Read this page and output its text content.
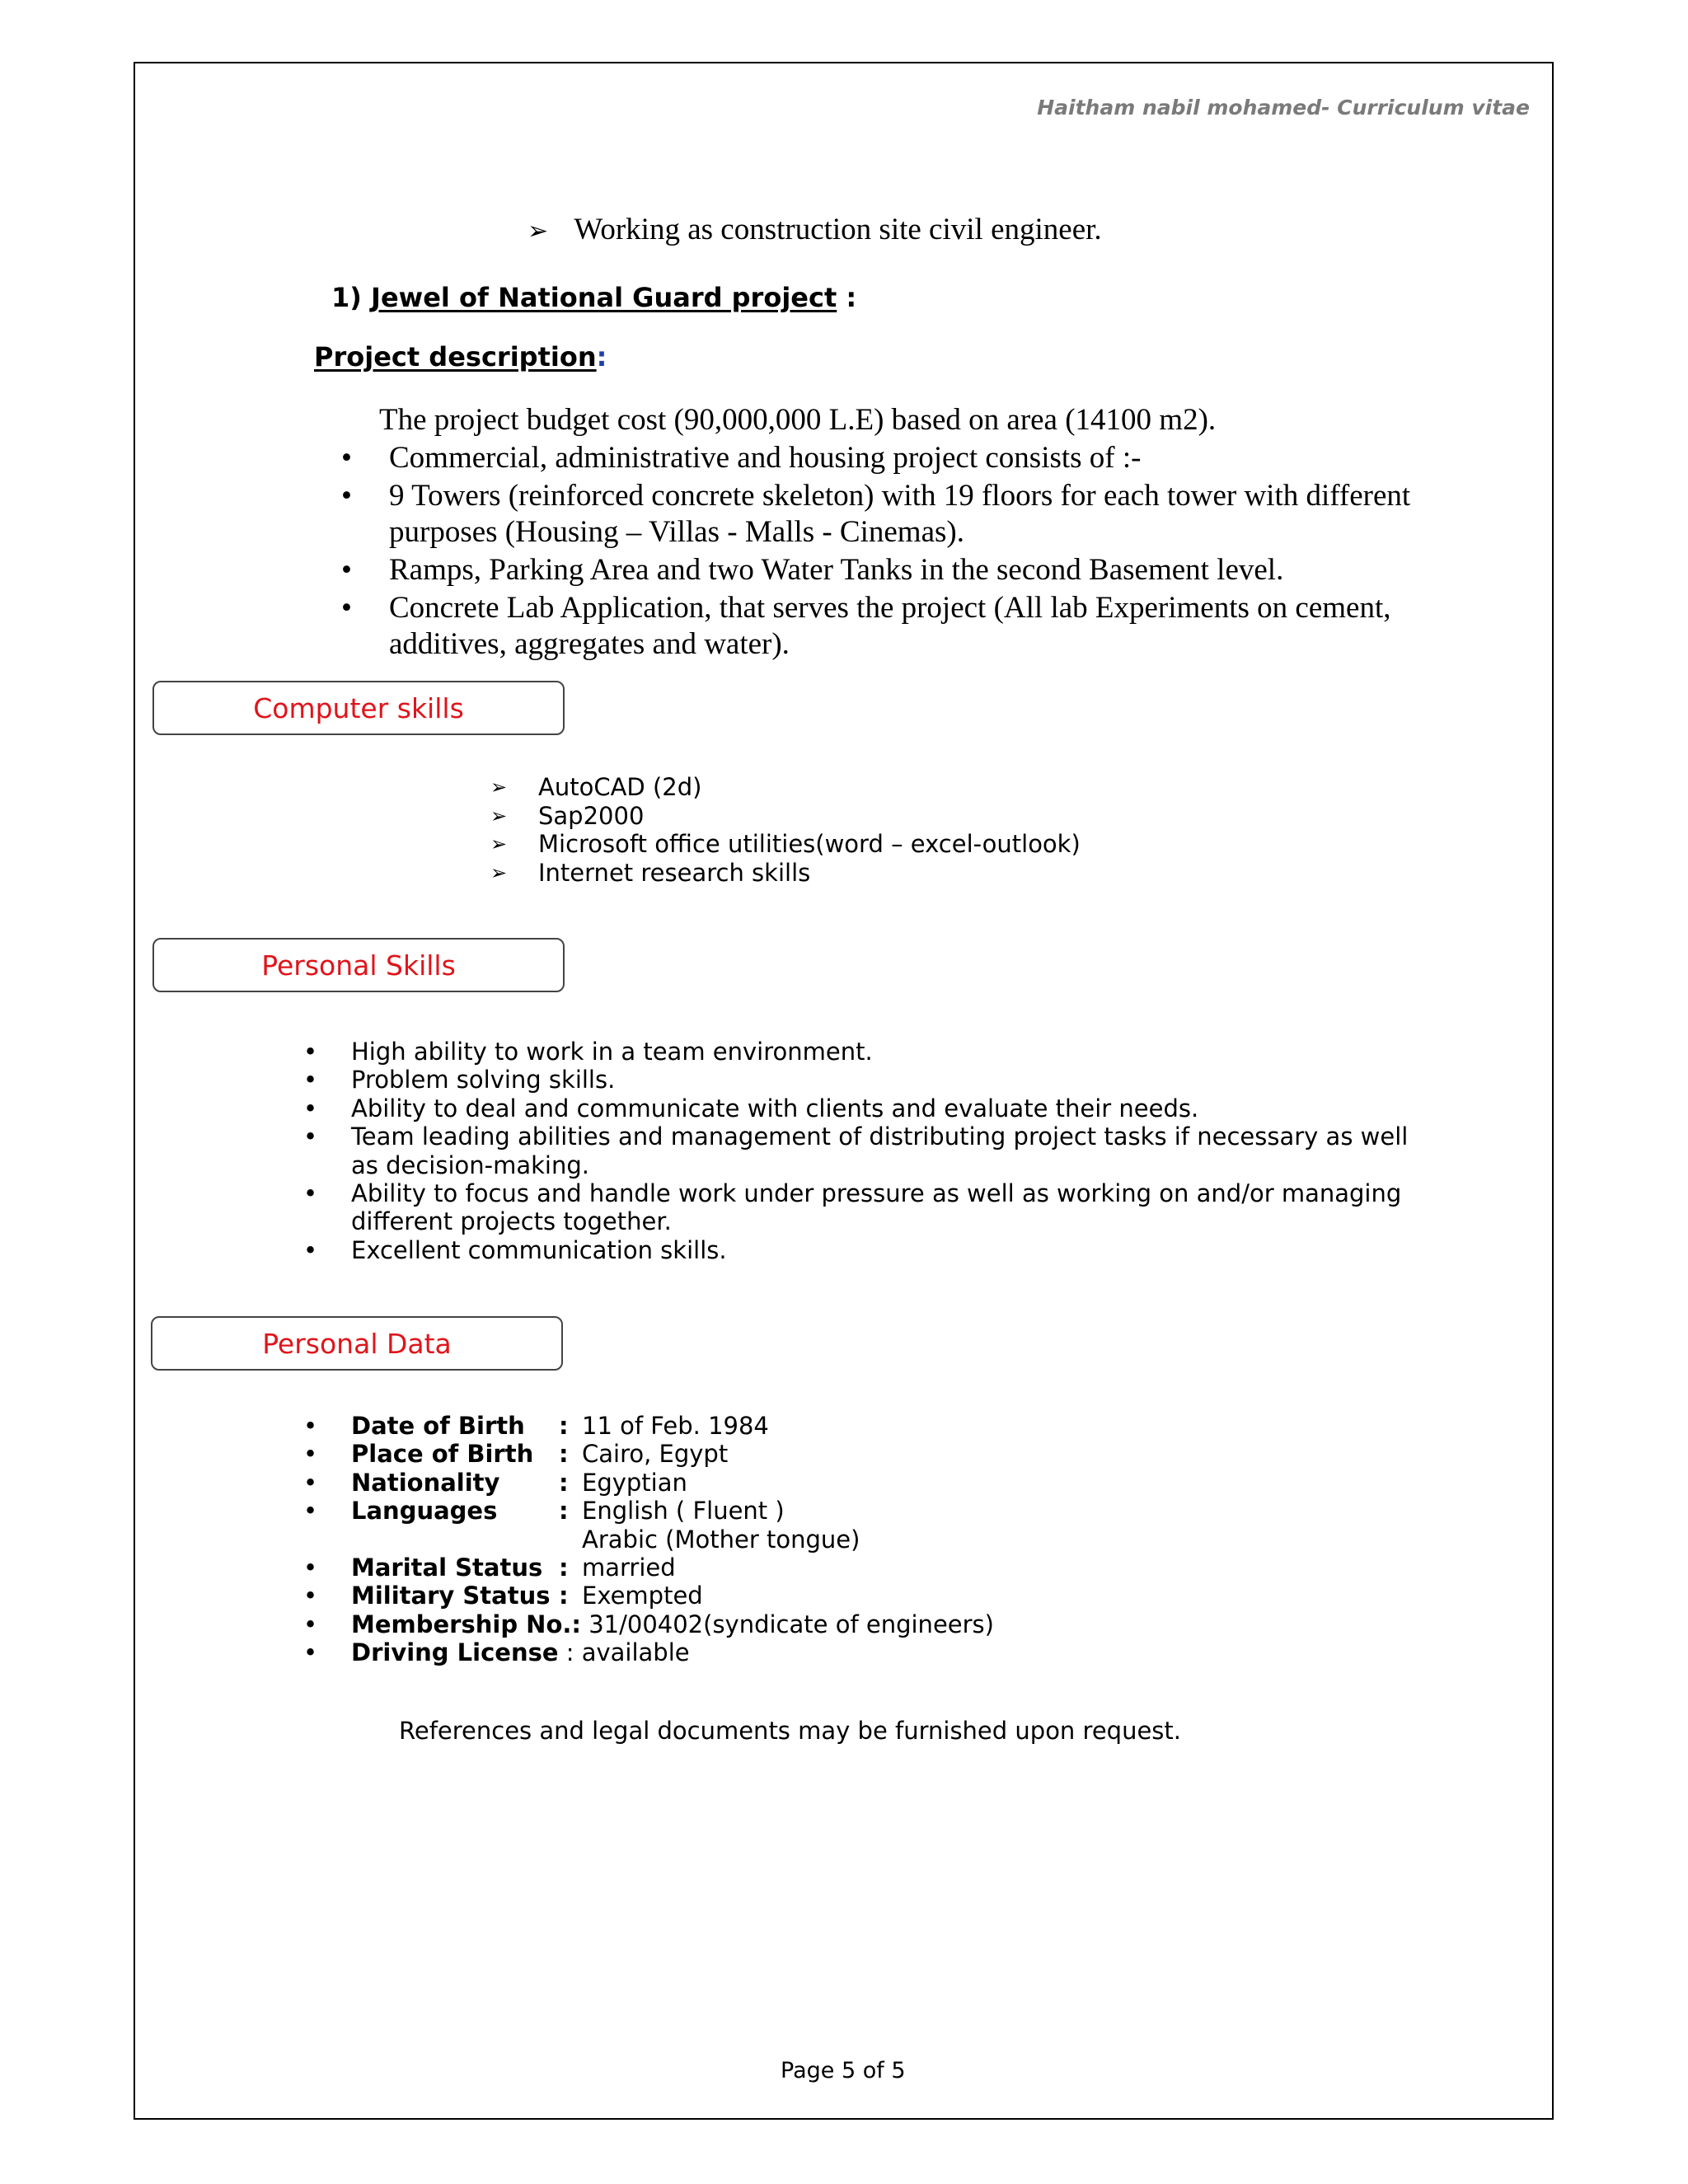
Haitham nabil mohamed- Curriculum vitae
➢ Working as construction site civil engineer.
1) Jewel of National Guard project :
Project description:
The project budget cost (90,000,000 L.E) based on area (14100 m2).
• Commercial, administrative and housing project consists of :-
• 9 Towers (reinforced concrete skeleton) with 19 floors for each tower with different purposes (Housing – Villas - Malls - Cinemas).
• Ramps, Parking Area and two Water Tanks in the second Basement level.
• Concrete Lab Application, that serves the project (All lab Experiments on cement, additives, aggregates and water).
Computer skills
➢ AutoCAD (2d)
➢ Sap2000
➢ Microsoft office utilities(word – excel-outlook)
➢ Internet research skills
Personal Skills
• High ability to work in a team environment.
• Problem solving skills.
• Ability to deal and communicate with clients and evaluate their needs.
• Team leading abilities and management of distributing project tasks if necessary as well as decision-making.
• Ability to focus and handle work under pressure as well as working on and/or managing different projects together.
• Excellent communication skills.
Personal Data
• Date of Birth : 11 of Feb. 1984
• Place of Birth : Cairo, Egypt
• Nationality : Egyptian
• Languages	: English ( Fluent )
Arabic (Mother tongue)
• Marital Status : married
• Military Status : Exempted
• Membership No.: 31/00402(syndicate of engineers)
• Driving License : available
References and legal documents may be furnished upon request.
Page 5 of 5
